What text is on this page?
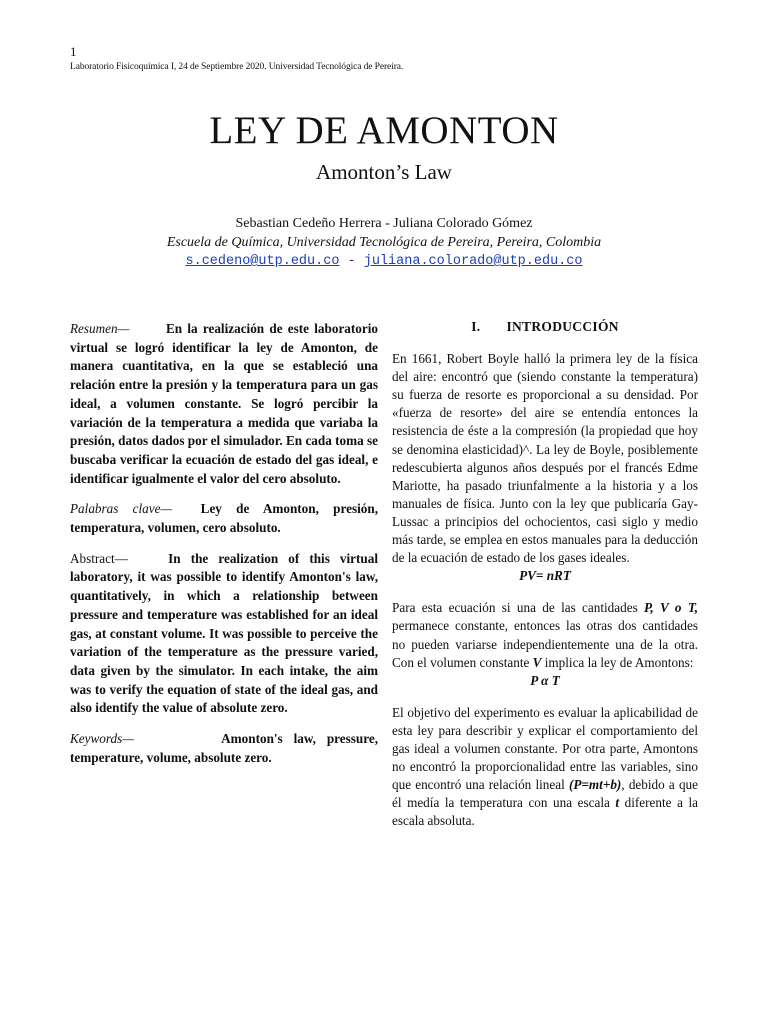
1
Laboratorio Fisicoquímica I, 24 de Septiembre 2020. Universidad Tecnológica de Pereira.
LEY DE AMONTON
Amonton’s Law
Sebastian Cedeño Herrera - Juliana Colorado Gómez
Escuela de Química, Universidad Tecnológica de Pereira, Pereira, Colombia
s.cedeno@utp.edu.co - juliana.colorado@utp.edu.co

Resumen—	En la realización de este laboratorio virtual se logró identificar la ley de Amonton, de manera cuantitativa, en la que se estableció una relación entre la presión y la temperatura para un gas ideal, a volumen constante. Se logró percibir la variación de la temperatura a medida que variaba la presión, datos dados por el simulador. En cada toma se buscaba verificar la ecuación de estado del gas ideal, e identificar igualmente el valor del cero absoluto.

Palabras clave— Ley de Amonton, presión, temperatura, volumen, cero absoluto.

Abstract—	In the realization of this virtual laboratory, it was possible to identify Amonton's law, quantitatively, in which a relationship between pressure and temperature was established for an ideal gas, at constant volume. It was possible to perceive the variation of the temperature as the pressure varied, data given by the simulator. In each intake, the aim was to verify the equation of state of the ideal gas, and also identify the value of absolute zero.

Keywords—	Amonton's law, pressure, temperature, volume, absolute zero.

I. INTRODUCCIÓN

En 1661, Robert Boyle halló la primera ley de la física del aire: encontró que (siendo constante la temperatura) su fuerza de resorte es proporcional a su densidad. Por «fuerza de resorte» del aire se entendía entonces la resistencia de éste a la compresión (la propiedad que hoy se denomina elasticidad)^. La ley de Boyle, posiblemente redescubierta algunos años después por el francés Edme Mariotte, ha pasado triunfalmente a la historia y a los manuales de física. Junto con la ley que publicaría Gay-Lussac a principios del ochocientos, casi siglo y medio más tarde, se emplea en estos manuales para la deducción de la ecuación de estado de los gases ideales.

PV= nRT

Para esta ecuación si una de las cantidades P, V o T, permanece constante, entonces las otras dos cantidades no pueden variarse independientemente una de la otra. Con el volumen constante V implica la ley de Amontons:

P α T

El objetivo del experimento es evaluar la aplicabilidad de esta ley para describir y explicar el comportamiento del gas ideal a volumen constante. Por otra parte, Amontons no encontró la proporcionalidad entre las variables, sino que encontró una relación lineal (P=mt+b), debido a que él medía la temperatura con una escala t diferente a la escala absoluta.
